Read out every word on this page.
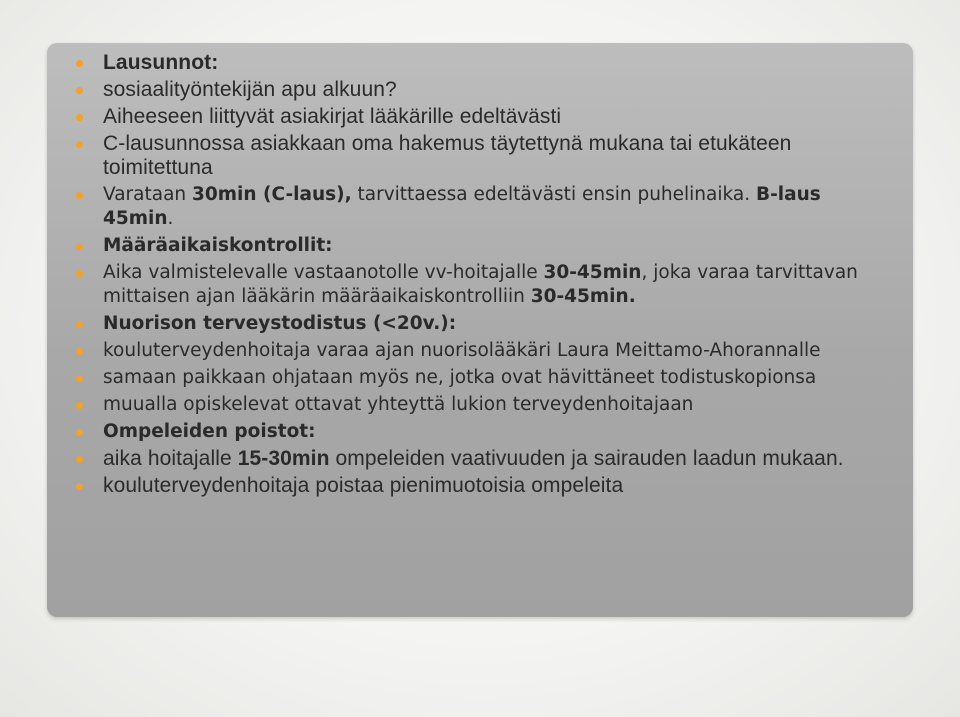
Lausunnot:
sosiaalityöntekijän apu alkuun?
Aiheeseen liittyvät asiakirjat lääkärille edeltävästi
C-lausunnossa asiakkaan oma hakemus täytettynä mukana tai etukäteen toimitettuna
Varataan 30min (C-laus), tarvittaessa edeltävästi ensin puhelinaika. B-laus 45min.
Määräaikaiskontrollit:
Aika valmistelevalle vastaanotolle vv-hoitajalle 30-45min, joka varaa tarvittavan mittaisen ajan lääkärin määräaikaiskontrolliin 30-45min.
Nuorison terveystodistus (<20v.):
kouluterveydenhoitaja varaa ajan nuorisolääkäri Laura Meittamo-Ahorannalle
samaan paikkaan ohjataan myös ne, jotka ovat hävittäneet todistuskopionsa
muualla opiskelevat ottavat yhteyttä lukion terveydenhoitajaan
Ompeleiden poistot:
aika hoitajalle 15-30min ompeleiden vaativuuden ja sairauden laadun mukaan.
kouluterveydenhoitaja poistaa pienimuotoisia ompeleita
